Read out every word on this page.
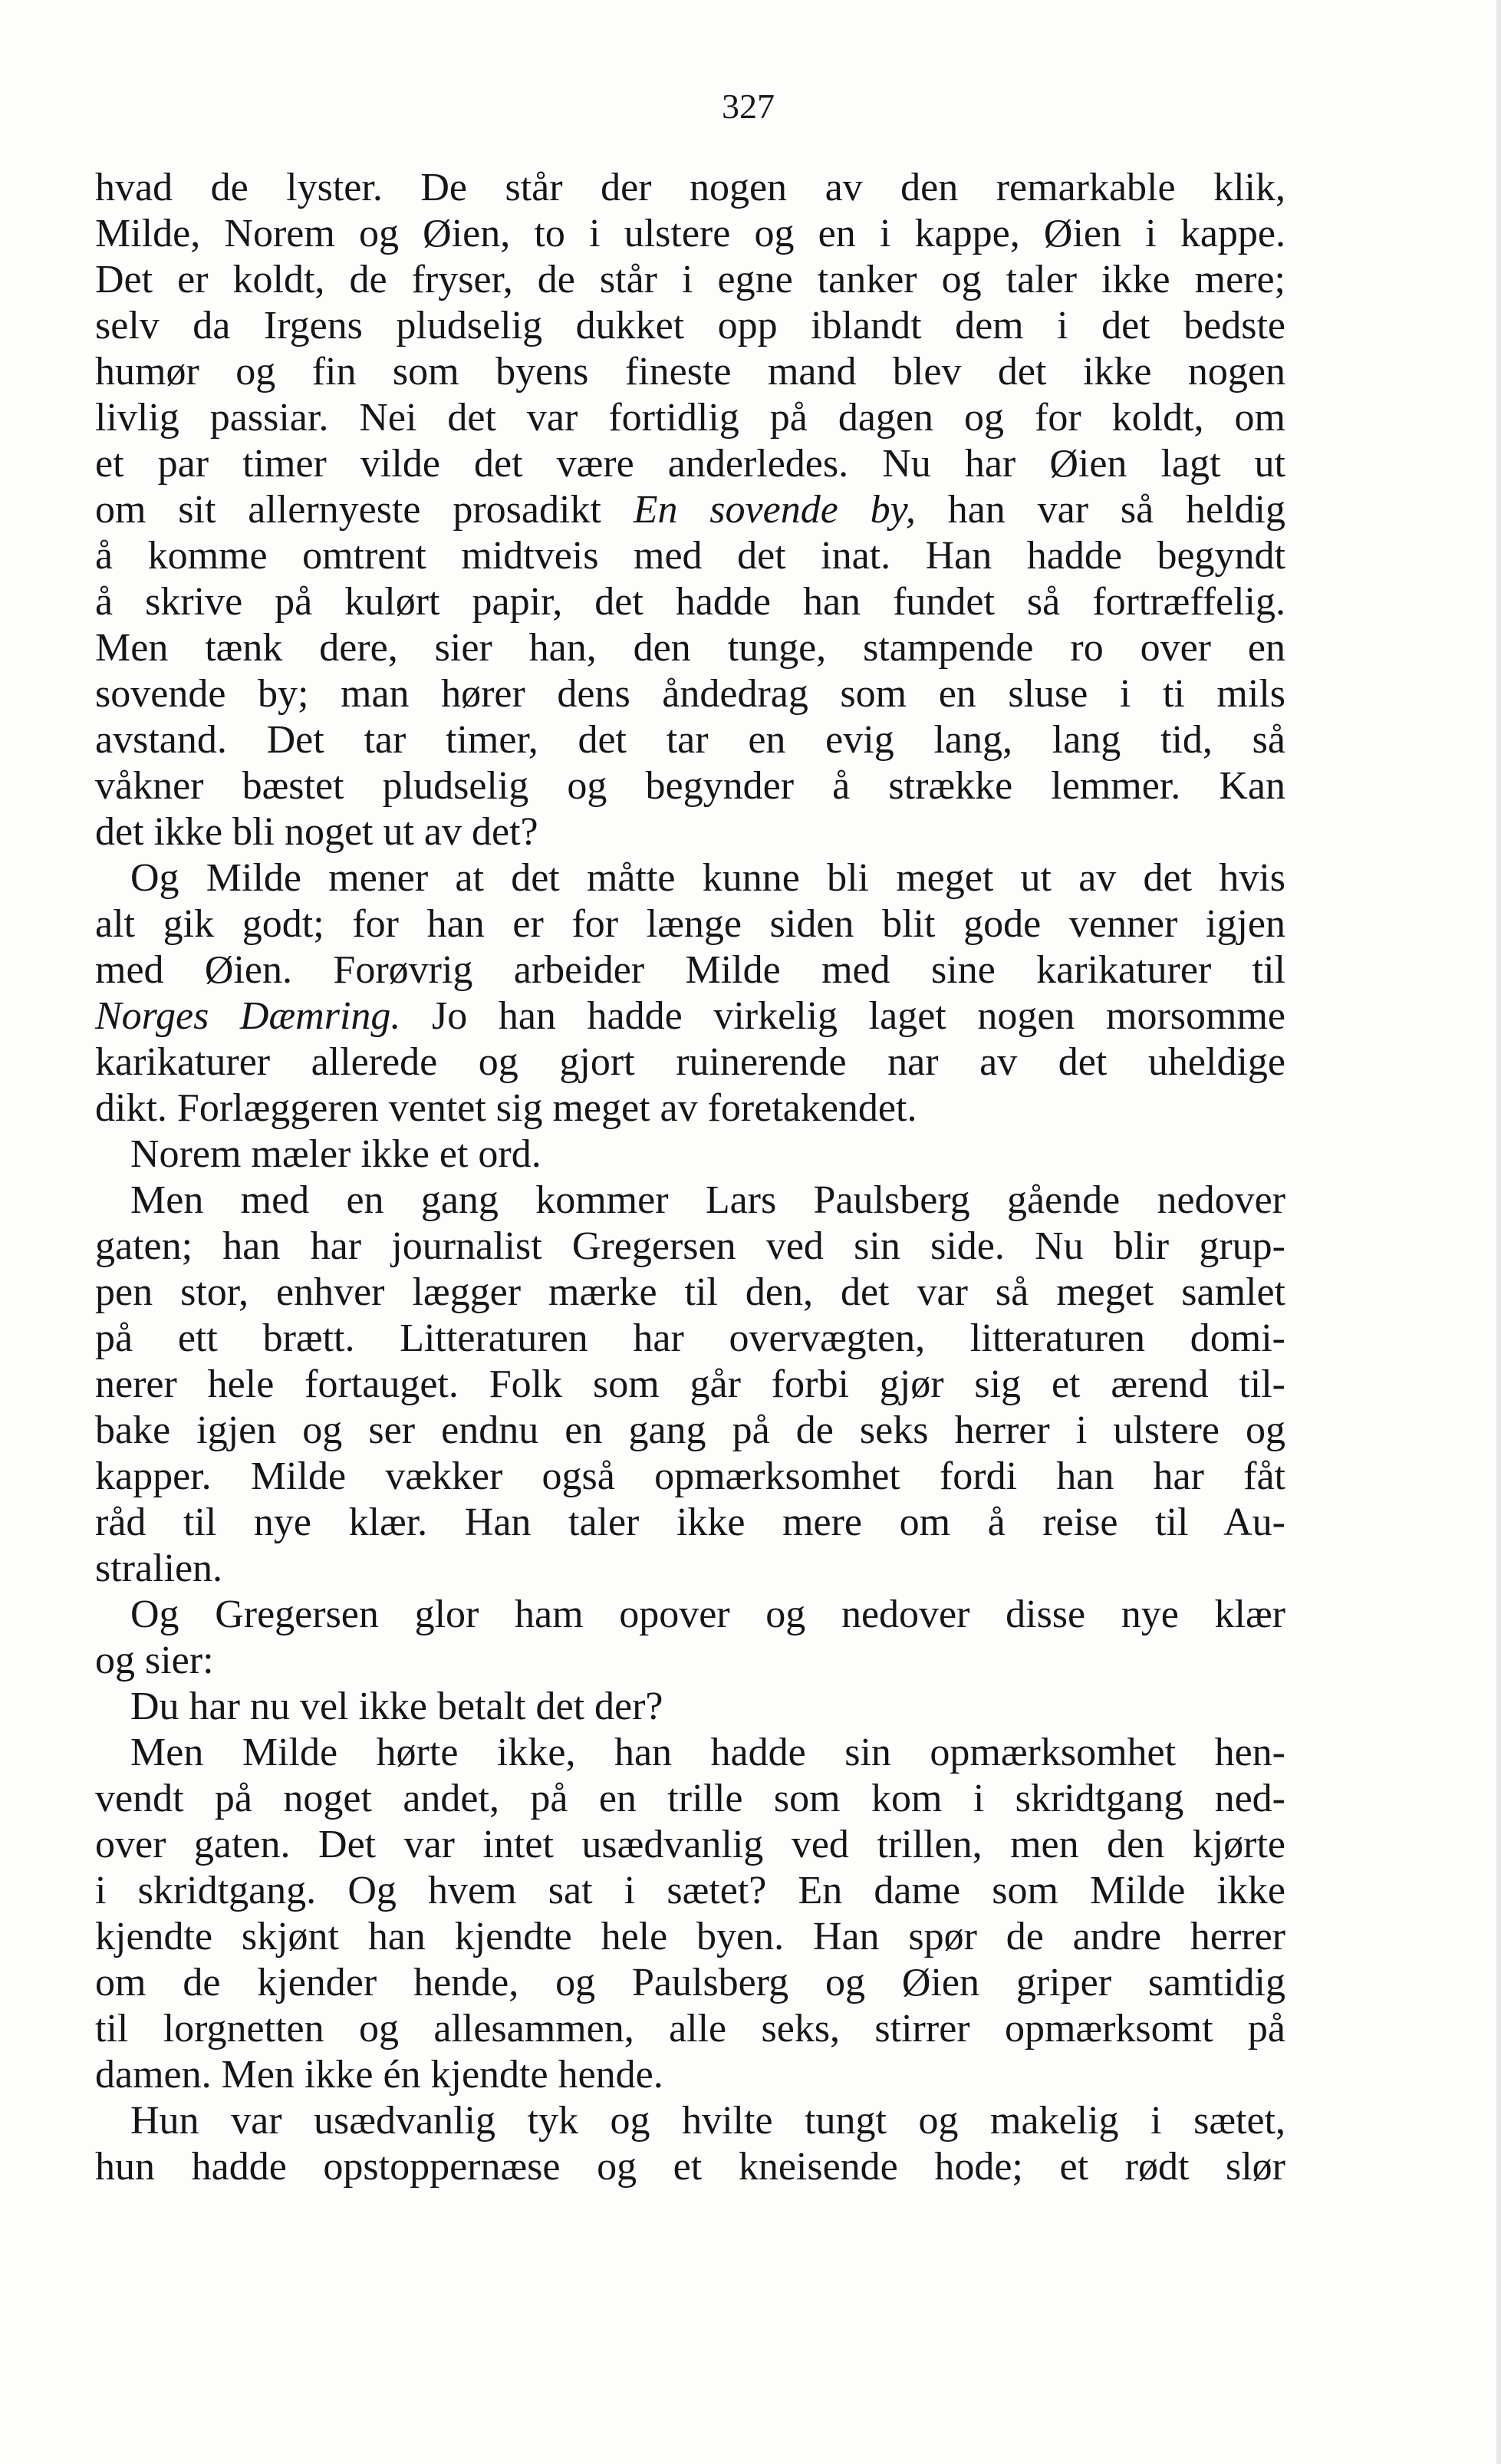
327
hvad de lyster. De står der nogen av den remarkable klik,
Milde, Norem og Øien, to i ulstere og en i kappe, Øien i kappe.
Det er koldt, de fryser, de står i egne tanker og taler ikke mere;
selv da Irgens pludselig dukket opp iblandt dem i det bedste
humør og fin som byens fineste mand blev det ikke nogen
livlig passiar. Nei det var fortidlig på dagen og for koldt, om
et par timer vilde det være anderledes. Nu har Øien lagt ut
om sit allernyeste prosadikt En sovende by, han var så heldig
å komme omtrent midtveis med det inat. Han hadde begyndt
å skrive på kulørt papir, det hadde han fundet så fortræffelig.
Men tænk dere, sier han, den tunge, stampende ro over en
sovende by; man hører dens åndedrag som en sluse i ti mils
avstand. Det tar timer, det tar en evig lang, lang tid, så
våkner bæstet pludselig og begynder å strække lemmer. Kan
det ikke bli noget ut av det?
Og Milde mener at det måtte kunne bli meget ut av det hvis
alt gik godt; for han er for længe siden blit gode venner igjen
med Øien. Forøvrig arbeider Milde med sine karikaturer til
Norges Dæmring. Jo han hadde virkelig laget nogen morsomme
karikaturer allerede og gjort ruinerende nar av det uheldige
dikt. Forlæggeren ventet sig meget av foretakendet.
Norem mæler ikke et ord.
Men med en gang kommer Lars Paulsberg gående nedover
gaten; han har journalist Gregersen ved sin side. Nu blir grup-
pen stor, enhver lægger mærke til den, det var så meget samlet
på ett brætt. Litteraturen har overvægten, litteraturen domi-
nerer hele fortauget. Folk som går forbi gjør sig et ærend til-
bake igjen og ser endnu en gang på de seks herrer i ulstere og
kapper. Milde vækker også opmærksomhet fordi han har fåt
råd til nye klær. Han taler ikke mere om å reise til Au-
stralien.
Og Gregersen glor ham opover og nedover disse nye klær
og sier:
Du har nu vel ikke betalt det der?
Men Milde hørte ikke, han hadde sin opmærksomhet hen-
vendt på noget andet, på en trille som kom i skridtgang ned-
over gaten. Det var intet usædvanlig ved trillen, men den kjørte
i skridtgang. Og hvem sat i sætet? En dame som Milde ikke
kjendte skjønt han kjendte hele byen. Han spør de andre herrer
om de kjender hende, og Paulsberg og Øien griper samtidig
til lorgnetten og allesammen, alle seks, stirrer opmærksomt på
damen. Men ikke én kjendte hende.
Hun var usædvanlig tyk og hvilte tungt og makelig i sætet,
hun hadde opstoppernæse og et kneisende hode; et rødt slør
